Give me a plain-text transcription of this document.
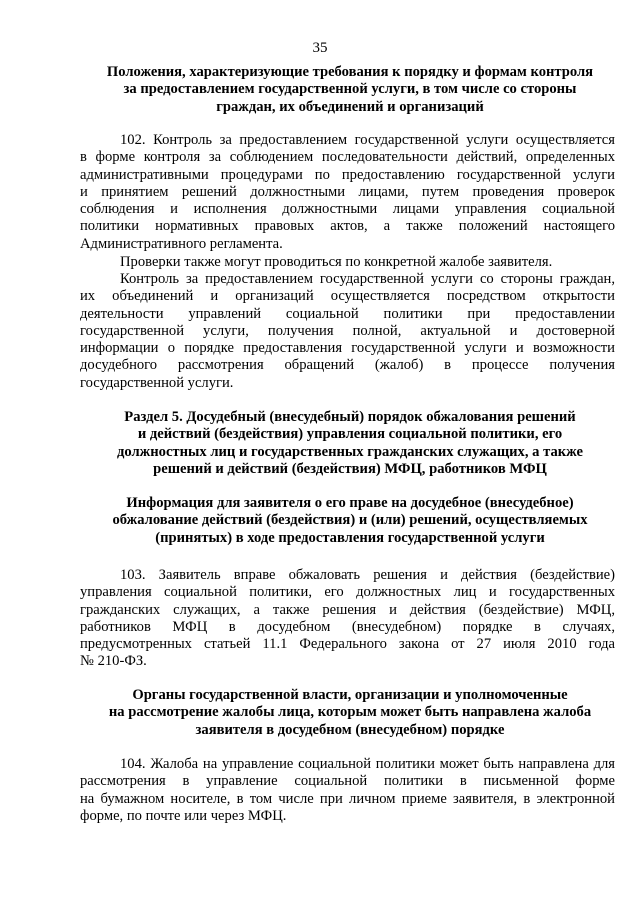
35
Положения, характеризующие требования к порядку и формам контроля
за предоставлением государственной услуги, в том числе со стороны
граждан, их объединений и организаций
102. Контроль за предоставлением государственной услуги осуществляется
в форме контроля за соблюдением последовательности действий, определенных
административными процедурами по предоставлению государственной услуги
и принятием решений должностными лицами, путем проведения проверок
соблюдения и исполнения должностными лицами управления социальной
политики нормативных правовых актов, а также положений настоящего
Административного регламента.
Проверки также могут проводиться по конкретной жалобе заявителя.
Контроль за предоставлением государственной услуги со стороны граждан,
их объединений и организаций осуществляется посредством открытости
деятельности управлений социальной политики при предоставлении
государственной услуги, получения полной, актуальной и достоверной
информации о порядке предоставления государственной услуги и возможности
досудебного рассмотрения обращений (жалоб) в процессе получения
государственной услуги.
Раздел 5. Досудебный (внесудебный) порядок обжалования решений
и действий (бездействия) управления социальной политики, его
должностных лиц и государственных гражданских служащих, а также
решений и действий (бездействия) МФЦ, работников МФЦ
Информация для заявителя о его праве на досудебное (внесудебное)
обжалование действий (бездействия) и (или) решений, осуществляемых
(принятых) в ходе предоставления государственной услуги
103. Заявитель вправе обжаловать решения и действия (бездействие)
управления социальной политики, его должностных лиц и государственных
гражданских служащих, а также решения и действия (бездействие) МФЦ,
работников МФЦ в досудебном (внесудебном) порядке в случаях,
предусмотренных статьей 11.1 Федерального закона от 27 июля 2010 года
№ 210-ФЗ.
Органы государственной власти, организации и уполномоченные
на рассмотрение жалобы лица, которым может быть направлена жалоба
заявителя в досудебном (внесудебном) порядке
104. Жалоба на управление социальной политики может быть направлена для
рассмотрения в управление социальной политики в письменной форме
на бумажном носителе, в том числе при личном приеме заявителя, в электронной
форме, по почте или через МФЦ.
